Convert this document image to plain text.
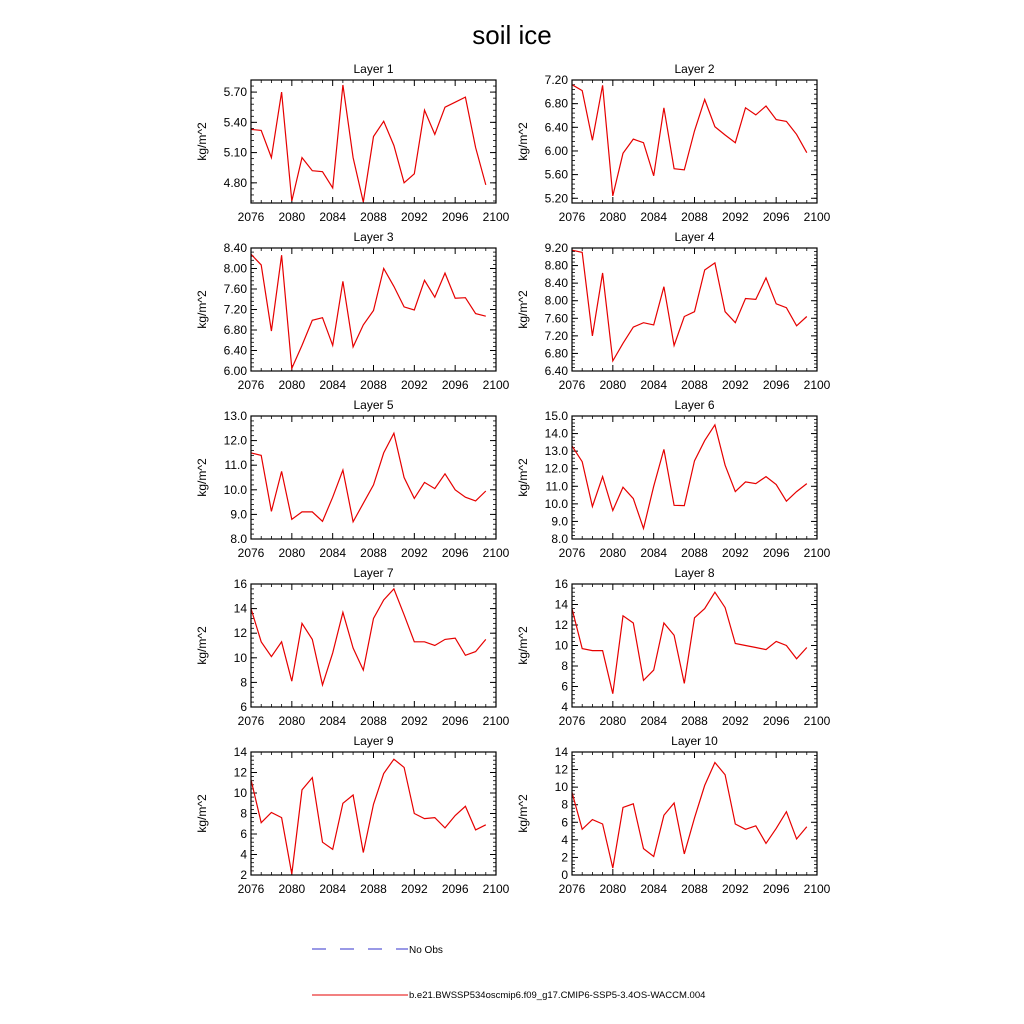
soil ice
Layer 1
kg/m^2
4.80
5.10
5.40
5.70
2076 2080 2084 2088 2092 2096 2100
Layer 2
kg/m^2
5.20
5.60
6.00
6.40
6.80
7.20
2076 2080 2084 2088 2092 2096 2100
Layer 3
kg/m^2
6.00
6.40
6.80
7.20
7.60
8.00
8.40
2076 2080 2084 2088 2092 2096 2100
Layer 4
kg/m^2
6.40
6.80
7.20
7.60
8.00
8.40
8.80
9.20
2076 2080 2084 2088 2092 2096 2100
Layer 5
kg/m^2
8.0
9.0
10.0
11.0
12.0
13.0
2076 2080 2084 2088 2092 2096 2100
Layer 6
kg/m^2
8.0
9.0
10.0
11.0
12.0
13.0
14.0
15.0
2076 2080 2084 2088 2092 2096 2100
Layer 7
kg/m^2
6
8
10
12
14
16
2076 2080 2084 2088 2092 2096 2100
Layer 8
kg/m^2
4
6
8
10
12
14
16
2076 2080 2084 2088 2092 2096 2100
Layer 9
kg/m^2
2
4
6
8
10
12
14
2076 2080 2084 2088 2092 2096 2100
Layer 10
kg/m^2
0
2
4
6
8
10
12
14
2076 2080 2084 2088 2092 2096 2100
No Obs
b.e21.BWSSP534oscmip6.f09_g17.CMIP6-SSP5-3.4OS-WACCM.004
